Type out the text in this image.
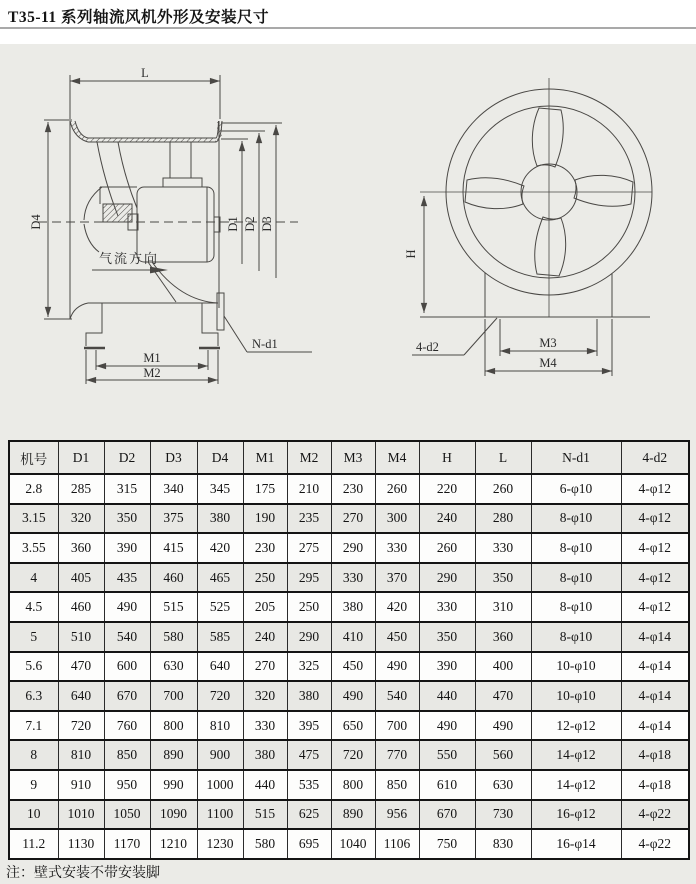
T35-11 系列轴流风机外形及安装尺寸
L
D4	D1 D2 D3
M1
M2
N-d1
气流方向	H
M3
M4
4-d2
机号	D1	D2	D3	D4	M1	M2	M3	M4	H	L	N-d1	4-d2
2.8	285	315	340	345	175	210	230	260	220	260	6-φ10	4-φ12
3.15	320	350	375	380	190	235	270	300	240	280	8-φ10	4-φ12
3.55	360	390	415	420	230	275	290	330	260	330	8-φ10	4-φ12
4	405	435	460	465	250	295	330	370	290	350	8-φ10	4-φ12
4.5	460	490	515	525	205	250	380	420	330	310	8-φ10	4-φ12
5	510	540	580	585	240	290	410	450	350	360	8-φ10	4-φ14
5.6	470	600	630	640	270	325	450	490	390	400	10-φ10	4-φ14
6.3	640	670	700	720	320	380	490	540	440	470	10-φ10	4-φ14
7.1	720	760	800	810	330	395	650	700	490	490	12-φ12	4-φ14
8	810	850	890	900	380	475	720	770	550	560	14-φ12	4-φ18
9	910	950	990	1000	440	535	800	850	610	630	14-φ12	4-φ18
10	1010	1050	1090	1100	515	625	890	956	670	730	16-φ12	4-φ22
11.2	1130	1170	1210	1230	580	695	1040	1106	750	830	16-φ14	4-φ22
注：壁式安装不带安装脚
